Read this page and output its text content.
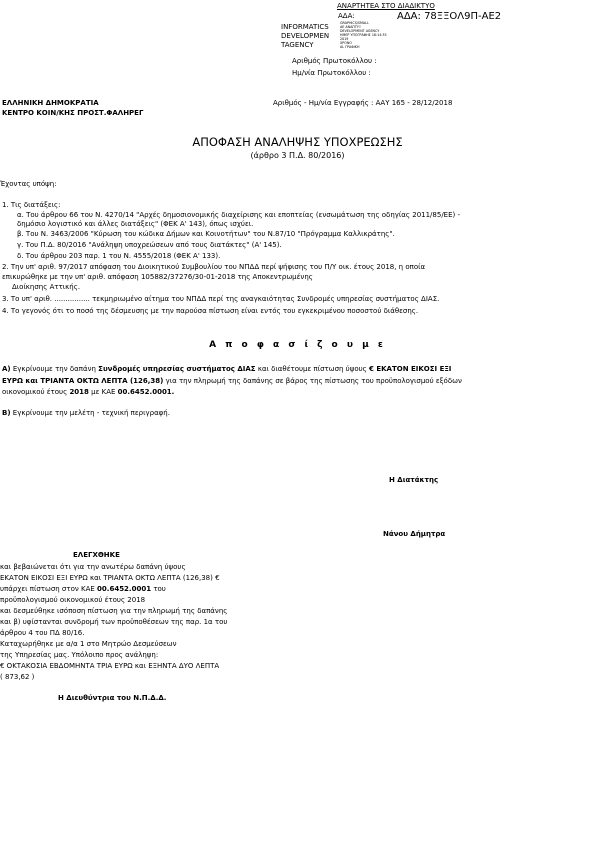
ΑΝΑΡΤΗΤΕΑ ΣΤΟ ΔΙΑΔΙΚΤΥΟ
ΑΔΑ:	ΑΔΑ: 78ΞΞΟΛ9Π-ΑΕ2
INFORMATICS
DEVELOPMEN
TAGENCY
GRAPHICS/SMALL
ΑΕ ΑΝΑΠΤΥΞ
DEVELOPMENT AGENCY
ΗΜΕΡ ΥΠΟΓΡΑΦΗΣ 18:14:35
2019
ΧΡΟΝΟ
AL ΓΡΑΦΙΚΗ
Αριθμός Πρωτοκόλλου :
Ημ/νία Πρωτοκόλλου :
ΕΛΛΗΝΙΚΗ ΔΗΜΟΚΡΑΤΙΑ
ΚΕΝΤΡΟ ΚΟΙΝ/ΚΗΣ ΠΡΟΣΤ.ΦΑΛΗΡΕΓ
Αριθμός - Ημ/νία Εγγραφής : ΑΑΥ 165 - 28/12/2018
ΑΠΟΦΑΣΗ ΑΝΑΛΗΨΗΣ ΥΠΟΧΡΕΩΣΗΣ
(άρθρο 3 Π.Δ. 80/2016)
Έχοντας υπόψη:
1. Τις διατάξεις:
α. Του άρθρου 66 του Ν. 4270/14 "Αρχές δημοσιονομικής διαχείρισης και εποπτείας (ενσωμάτωση της οδηγίας 2011/85/ΕΕ) -
δημόσιο λογιστικό και άλλες διατάξεις" (ΦΕΚ Α' 143), όπως ισχύει.
β. Του Ν. 3463/2006 "Κύρωση του κώδικα Δήμων και Κοινοτήτων" του Ν.87/10 "Πρόγραμμα Καλλικράτης".
γ. Του Π.Δ. 80/2016 "Ανάληψη υποχρεώσεων από τους διατάκτες" (Α' 145).
δ. Του άρθρου 203 παρ. 1 του Ν. 4555/2018 (ΦΕΚ Α' 133).
2. Την υπ' αριθ. 97/2017 απόφαση του Διοικητικού Συμβουλίου του ΝΠΔΔ περί ψήφισης του Π/Υ οικ. έτους 2018, η οποία
επικυρώθηκε με την υπ' αριθ. απόφαση 105882/37276/30-01-2018 της Αποκεντρωμένης
Διοίκησης Αττικής.
3. Το υπ' αριθ. ................ τεκμηριωμένο αίτημα του ΝΠΔΔ περί της αναγκαιότητας Συνδρομές υπηρεσίας συστήματος ΔΙΑΣ.
4. Το γεγονός ότι το ποσό της δέσμευσης με την παρούσα πίστωση είναι εντός του εγκεκριμένου ποσοστού διάθεσης.
Α π ο φ α σ ί ζ ο υ μ ε
Α) Εγκρίνουμε την δαπάνη Συνδρομές υπηρεσίας συστήματος ΔΙΑΣ και διαθέτουμε πίστωση ύψους € ΕΚΑΤΟΝ ΕΙΚΟΣΙ ΕΞΙ
ΕΥΡΩ και ΤΡΙΑΝΤΑ ΟΚΤΩ ΛΕΠΤΑ (126,38) για την πληρωμή της δαπάνης σε βάρος της πίστωσης του προϋπολογισμού εξόδων
οικονομικού έτους 2018 με ΚΑΕ 00.6452.0001.
Β) Εγκρίνουμε την μελέτη - τεχνική περιγραφή.
Η Διατάκτης
Νάνου Δήμητρα
ΕΛΕΓΧΘΗΚΕ
και βεβαιώνεται ότι για την ανωτέρω δαπάνη ύψους
ΕΚΑΤΟΝ ΕΙΚΟΣΙ ΕΞΙ ΕΥΡΩ και ΤΡΙΑΝΤΑ ΟΚΤΩ ΛΕΠΤΑ (126,38) €
υπάρχει πίστωση στον ΚΑΕ 00.6452.0001 του
προϋπολογισμού οικονομικού έτους 2018
και δεσμεύθηκε ισόποση πίστωση για την πληρωμή της δαπάνης
και β) υφίστανται συνδρομή των προϋποθέσεων της παρ. 1α του
άρθρου 4 του ΠΔ 80/16.
Καταχωρήθηκε με α/α 1 στο Μητρώο Δεσμεύσεων
της Υπηρεσίας μας. Υπόλοιπο προς ανάληψη:
€ ΟΚΤΑΚΟΣΙΑ ΕΒΔΟΜΗΝΤΑ ΤΡΙΑ ΕΥΡΩ και ΕΞΗΝΤΑ ΔΥΟ ΛΕΠΤΑ
( 873,62 )
Η Διευθύντρια του Ν.Π.Δ.Δ.
